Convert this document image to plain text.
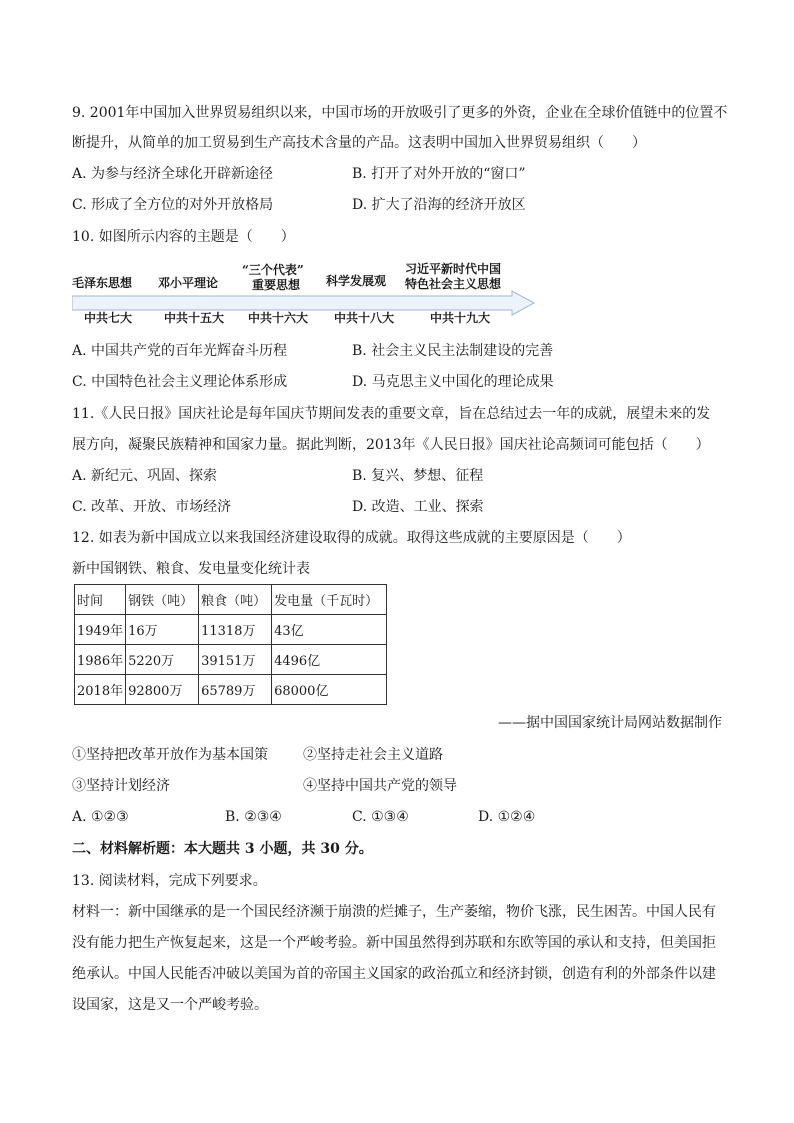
9. 2001年中国加入世界贸易组织以来，中国市场的开放吸引了更多的外资，企业在全球价值链中的位置不
断提升，从简单的加工贸易到生产高技术含量的产品。这表明中国加入世界贸易组织（　　）
A. 为参与经济全球化开辟新途径	B. 打开了对外开放的“窗口”
C. 形成了全方位的对外开放格局	D. 扩大了沿海的经济开放区
10. 如图所示内容的主题是（　　）
毛泽东思想 邓小平理论
“三个代表”
重要思想 科学发展观
习近平新时代中国
特色社会主义思想
中共七大	中共十五大 中共十六大 中共十八大	中共十九大
A. 中国共产党的百年光辉奋斗历程	B. 社会主义民主法制建设的完善
C. 中国特色社会主义理论体系形成	D. 马克思主义中国化的理论成果
11.《人民日报》国庆社论是每年国庆节期间发表的重要文章，旨在总结过去一年的成就，展望未来的发
展方向，凝聚民族精神和国家力量。据此判断，2013年《人民日报》国庆社论高频词可能包括（　　）
A. 新纪元、巩固、探索	B. 复兴、梦想、征程
C. 改革、开放、市场经济	D. 改造、工业、探索
12. 如表为新中国成立以来我国经济建设取得的成就。取得这些成就的主要原因是（　　）
新中国钢铁、粮食、发电量变化统计表
时间	钢铁（吨）	粮食（吨）	发电量（千瓦时）
1949年	16万	11318万	43亿
1986年	5220万	39151万	4496亿
2018年	92800万	65789万	68000亿
——据中国国家统计局网站数据制作
①坚持把改革开放作为基本国策	②坚持走社会主义道路
③坚持计划经济	④坚持中国共产党的领导
A. ①②③	B. ②③④	C. ①③④	D. ①②④
二、材料解析题：本大题共 3 小题，共 30 分。
13. 阅读材料，完成下列要求。
材料一：新中国继承的是一个国民经济濒于崩溃的烂摊子，生产萎缩，物价飞涨，民生困苦。中国人民有
没有能力把生产恢复起来，这是一个严峻考验。新中国虽然得到苏联和东欧等国的承认和支持，但美国拒
绝承认。中国人民能否冲破以美国为首的帝国主义国家的政治孤立和经济封锁，创造有利的外部条件以建
设国家，这是又一个严峻考验。
